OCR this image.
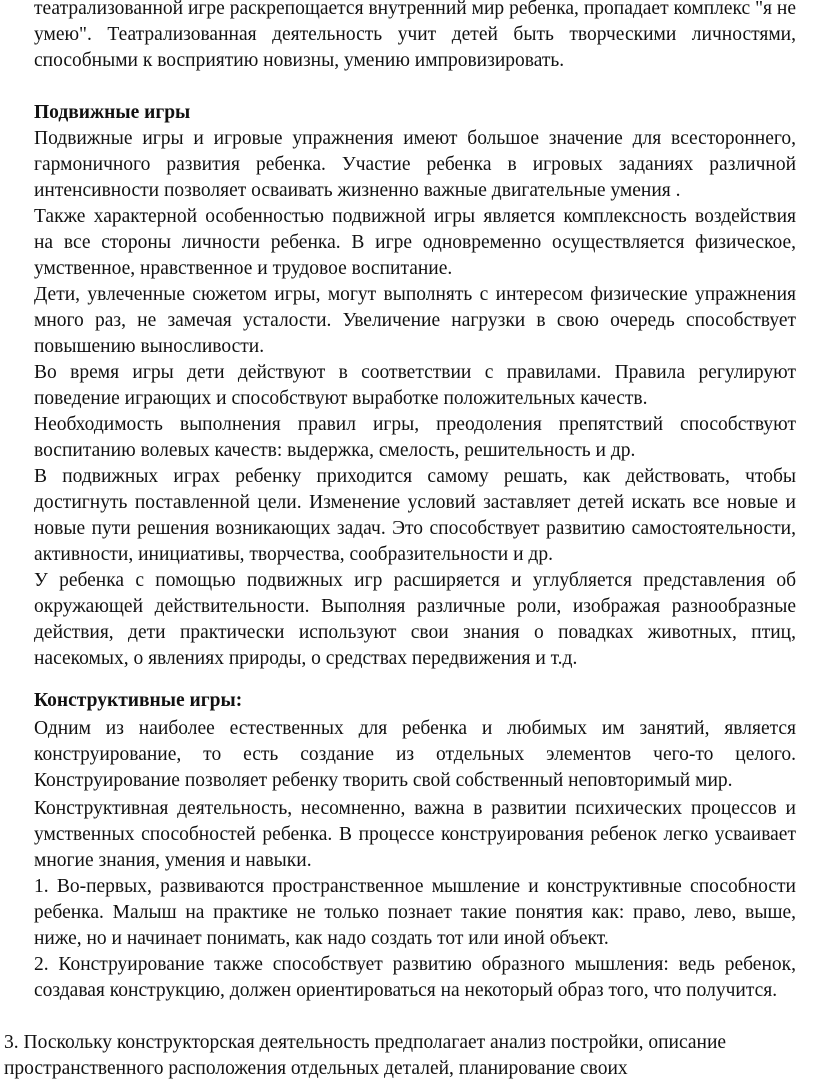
театрализованной игре раскрепощается внутренний мир ребенка, пропадает комплекс "я не умею". Театрализованная деятельность учит детей быть творческими личностями, способными к восприятию новизны, умению импровизировать.

Подвижные игры

Подвижные игры и игровые упражнения имеют большое значение для всестороннего, гармоничного развития ребенка. Участие ребенка в игровых заданиях различной интенсивности позволяет осваивать жизненно важные двигательные умения .

Также характерной особенностью подвижной игры является комплексность воздействия на все стороны личности ребенка. В игре одновременно осуществляется физическое, умственное, нравственное и трудовое воспитание.

Дети, увлеченные сюжетом игры, могут выполнять с интересом физические упражнения много раз, не замечая усталости. Увеличение нагрузки в свою очередь способствует повышению выносливости.

Во время игры дети действуют в соответствии с правилами. Правила регулируют поведение играющих и способствуют выработке положительных качеств.

Необходимость выполнения правил игры, преодоления препятствий способствуют воспитанию волевых качеств: выдержка, смелость, решительность и др.

В подвижных играх ребенку приходится самому решать, как действовать, чтобы достигнуть поставленной цели. Изменение условий заставляет детей искать все новые и новые пути решения возникающих задач. Это способствует развитию самостоятельности, активности, инициативы, творчества, сообразительности и др.

У ребенка с помощью подвижных игр расширяется и углубляется представления об окружающей действительности. Выполняя различные роли, изображая разнообразные действия, дети практически используют свои знания о повадках животных, птиц, насекомых, о явлениях природы, о средствах передвижения и т.д.

Конструктивные игры:

Одним из наиболее естественных для ребенка и любимых им занятий, является конструирование, то есть создание из отдельных элементов чего-то целого. Конструирование позволяет ребенку творить свой собственный неповторимый мир.

Конструктивная деятельность, несомненно, важна в развитии психических процессов и умственных способностей ребенка. В процессе конструирования ребенок легко усваивает многие знания, умения и навыки.

1. Во-первых, развиваются пространственное мышление и конструктивные способности ребенка. Малыш на практике не только познает такие понятия как: право, лево, выше, ниже, но и начинает понимать, как надо создать тот или иной объект.

2. Конструирование также способствует развитию образного мышления: ведь ребенок, создавая конструкцию, должен ориентироваться на некоторый образ того, что получится.

3. Поскольку конструкторская деятельность предполагает анализ постройки, описание пространственного расположения отдельных деталей, планирование своих
